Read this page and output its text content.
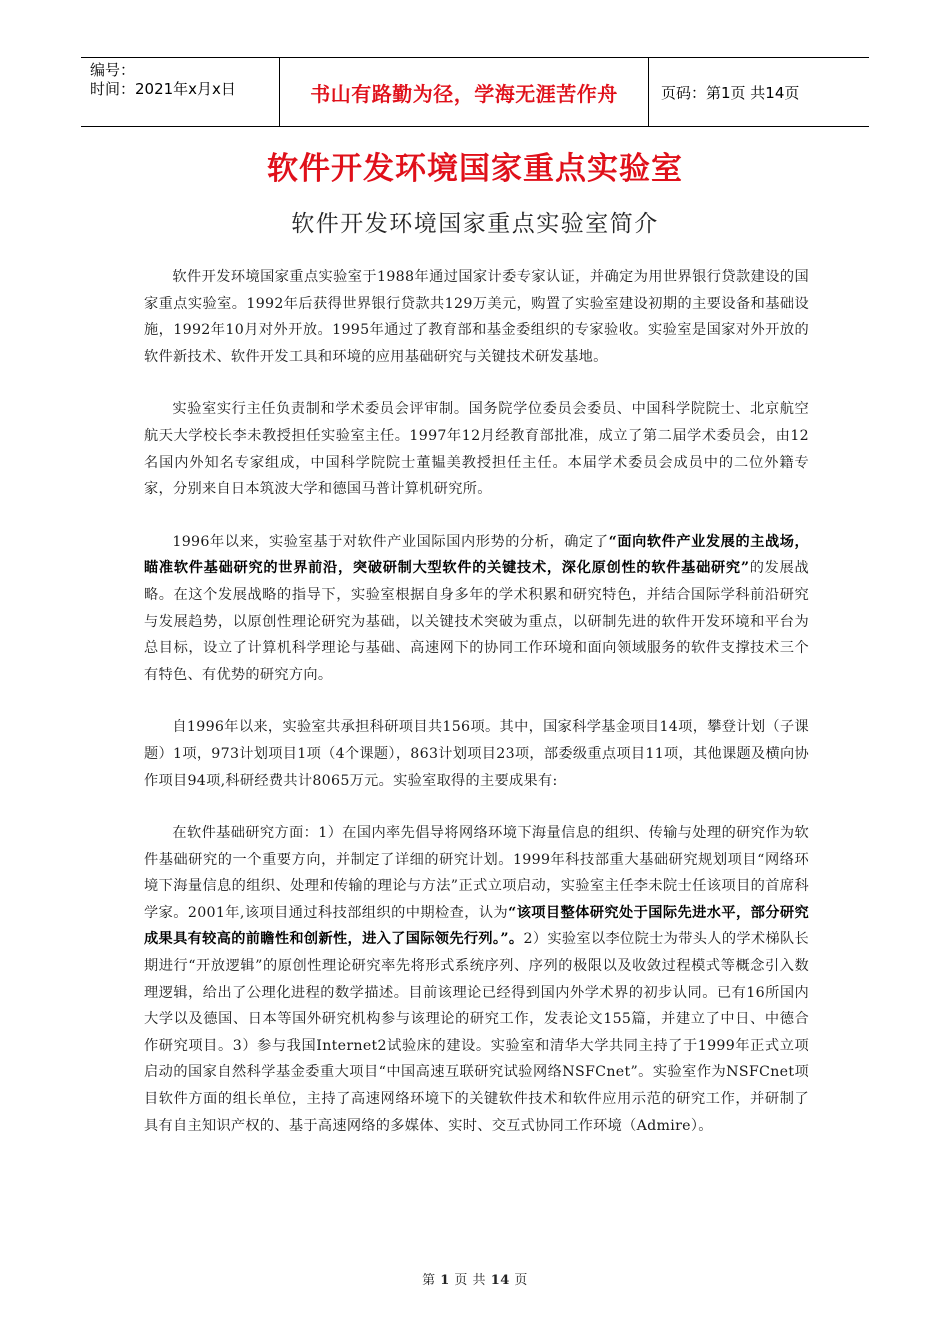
编号：
时间：2021年x月x日	书山有路勤为径，学海无涯苦作舟	页码：第1页 共14页
软件开发环境国家重点实验室
软件开发环境国家重点实验室简介

软件开发环境国家重点实验室于1988年通过国家计委专家认证，并确定为用世界银行贷款建设的国家重点实验室。1992年后获得世界银行贷款共129万美元，购置了实验室建设初期的主要设备和基础设施，1992年10月对外开放。1995年通过了教育部和基金委组织的专家验收。实验室是国家对外开放的软件新技术、软件开发工具和环境的应用基础研究与关键技术研发基地。

实验室实行主任负责制和学术委员会评审制。国务院学位委员会委员、中国科学院院士、北京航空航天大学校长李未教授担任实验室主任。1997年12月经教育部批准，成立了第二届学术委员会，由12名国内外知名专家组成，中国科学院院士董韫美教授担任主任。本届学术委员会成员中的二位外籍专家，分别来自日本筑波大学和德国马普计算机研究所。

1996年以来，实验室基于对软件产业国际国内形势的分析，确定了“面向软件产业发展的主战场，瞄准软件基础研究的世界前沿，突破研制大型软件的关键技术，深化原创性的软件基础研究”的发展战略。在这个发展战略的指导下，实验室根据自身多年的学术积累和研究特色，并结合国际学科前沿研究与发展趋势，以原创性理论研究为基础，以关键技术突破为重点，以研制先进的软件开发环境和平台为总目标，设立了计算机科学理论与基础、高速网下的协同工作环境和面向领域服务的软件支撑技术三个有特色、有优势的研究方向。

自1996年以来，实验室共承担科研项目共156项。其中，国家科学基金项目14项，攀登计划（子课题）1项，973计划项目1项（4个课题），863计划项目23项，部委级重点项目11项，其他课题及横向协作项目94项,科研经费共计8065万元。实验室取得的主要成果有:

在软件基础研究方面：1）在国内率先倡导将网络环境下海量信息的组织、传输与处理的研究作为软件基础研究的一个重要方向，并制定了详细的研究计划。1999年科技部重大基础研究规划项目“网络环境下海量信息的组织、处理和传输的理论与方法”正式立项启动，实验室主任李未院士任该项目的首席科学家。2001年,该项目通过科技部组织的中期检查，认为“该项目整体研究处于国际先进水平，部分研究成果具有较高的前瞻性和创新性，进入了国际领先行列。”。2）实验室以李位院士为带头人的学术梯队长期进行“开放逻辑”的原创性理论研究率先将形式系统序列、序列的极限以及收敛过程模式等概念引入数理逻辑，给出了公理化进程的数学描述。目前该理论已经得到国内外学术界的初步认同。已有16所国内大学以及德国、日本等国外研究机构参与该理论的研究工作，发表论文155篇，并建立了中日、中德合作研究项目。3）参与我国Internet2试验床的建设。实验室和清华大学共同主持了于1999年正式立项启动的国家自然科学基金委重大项目“中国高速互联研究试验网络NSFCnet”。实验室作为NSFCnet项目软件方面的组长单位，主持了高速网络环境下的关键软件技术和软件应用示范的研究工作，并研制了具有自主知识产权的、基于高速网络的多媒体、实时、交互式协同工作环境（Admire）。

第 1 页 共 14 页
